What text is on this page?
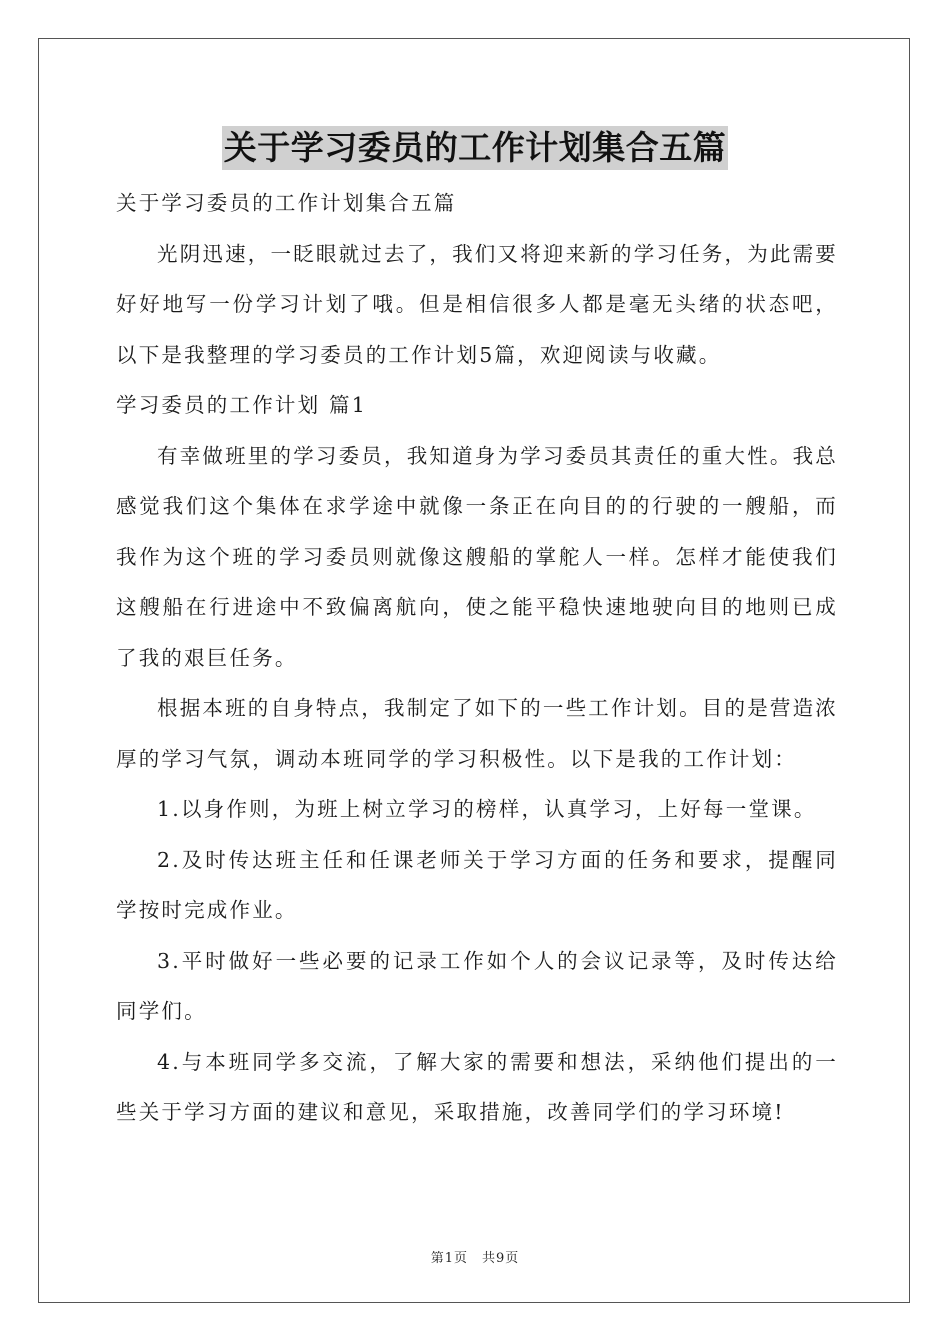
关于学习委员的工作计划集合五篇

关于学习委员的工作计划集合五篇

光阴迅速，一眨眼就过去了，我们又将迎来新的学习任务，为此需要好好地写一份学习计划了哦。但是相信很多人都是毫无头绪的状态吧，以下是我整理的学习委员的工作计划5篇，欢迎阅读与收藏。

学习委员的工作计划 篇1

有幸做班里的学习委员，我知道身为学习委员其责任的重大性。我总感觉我们这个集体在求学途中就像一条正在向目的的行驶的一艘船，而我作为这个班的学习委员则就像这艘船的掌舵人一样。怎样才能使我们这艘船在行进途中不致偏离航向，使之能平稳快速地驶向目的地则已成了我的艰巨任务。

根据本班的自身特点，我制定了如下的一些工作计划。目的是营造浓厚的学习气氛，调动本班同学的学习积极性。以下是我的工作计划：

1.以身作则，为班上树立学习的榜样，认真学习，上好每一堂课。

2.及时传达班主任和任课老师关于学习方面的任务和要求，提醒同学按时完成作业。

3.平时做好一些必要的记录工作如个人的会议记录等，及时传达给同学们。

4.与本班同学多交流，了解大家的需要和想法，采纳他们提出的一些关于学习方面的建议和意见，采取措施，改善同学们的学习环境!

第1页 共9页
